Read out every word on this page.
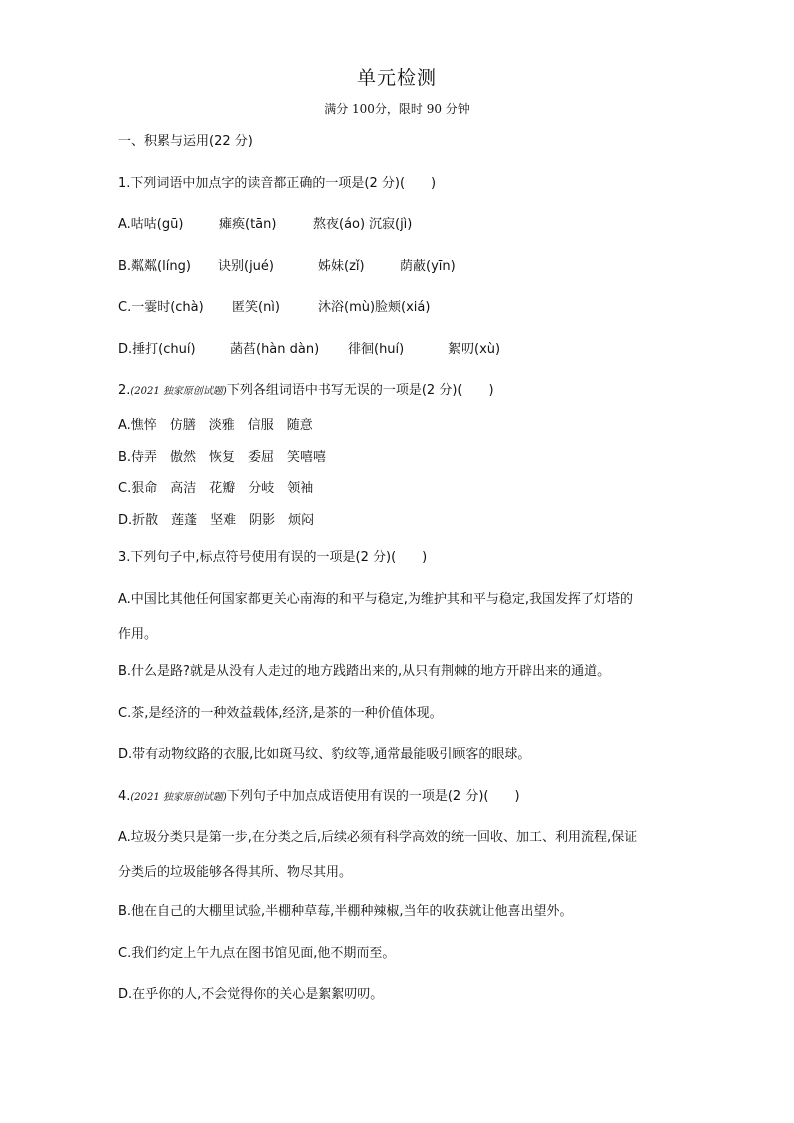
单元检测
满分 100分，限时 90 分钟
一、积累与运用(22 分)
1.下列词语中加点字的读音都正确的一项是(2 分)(　　)
A.咕咕(gū)	瘫痪(tān)	熬夜(áo) 沉寂(jì)
B.粼粼(líng) 诀别(jué)	姊妹(zǐ)	荫蔽(yīn)
C.一霎时(chà) 匿笑(nì)	沐浴(mù)脸颊(xiá)
D.捶打(chuí)	菡萏(hàn dàn) 徘徊(huí)	絮叨(xù)
2.(2021 独家原创试题)下列各组词语中书写无误的一项是(2 分)(　　)
A.憔悴　仿膳　淡雅　信服　随意
B.侍弄　傲然　恢复　委屈　笑嘻嘻
C.狠命　高洁　花瓣　分岐　领袖
D.折散　莲蓬　坚难　阴影　烦闷
3.下列句子中,标点符号使用有误的一项是(2 分)(　　)
A.中国比其他任何国家都更关心南海的和平与稳定,为维护其和平与稳定,我国发挥了灯塔的
作用。
B.什么是路?就是从没有人走过的地方践踏出来的,从只有荆棘的地方开辟出来的通道。
C.茶,是经济的一种效益载体,经济,是茶的一种价值体现。
D.带有动物纹路的衣服,比如斑马纹、豹纹等,通常最能吸引顾客的眼球。
4.(2021 独家原创试题)下列句子中加点成语使用有误的一项是(2 分)(　　)
A.垃圾分类只是第一步,在分类之后,后续必须有科学高效的统一回收、加工、利用流程,保证
分类后的垃圾能够各得其所、物尽其用。
B.他在自己的大棚里试验,半棚种草莓,半棚种辣椒,当年的收获就让他喜出望外。
C.我们约定上午九点在图书馆见面,他不期而至。
D.在乎你的人,不会觉得你的关心是絮絮叨叨。
